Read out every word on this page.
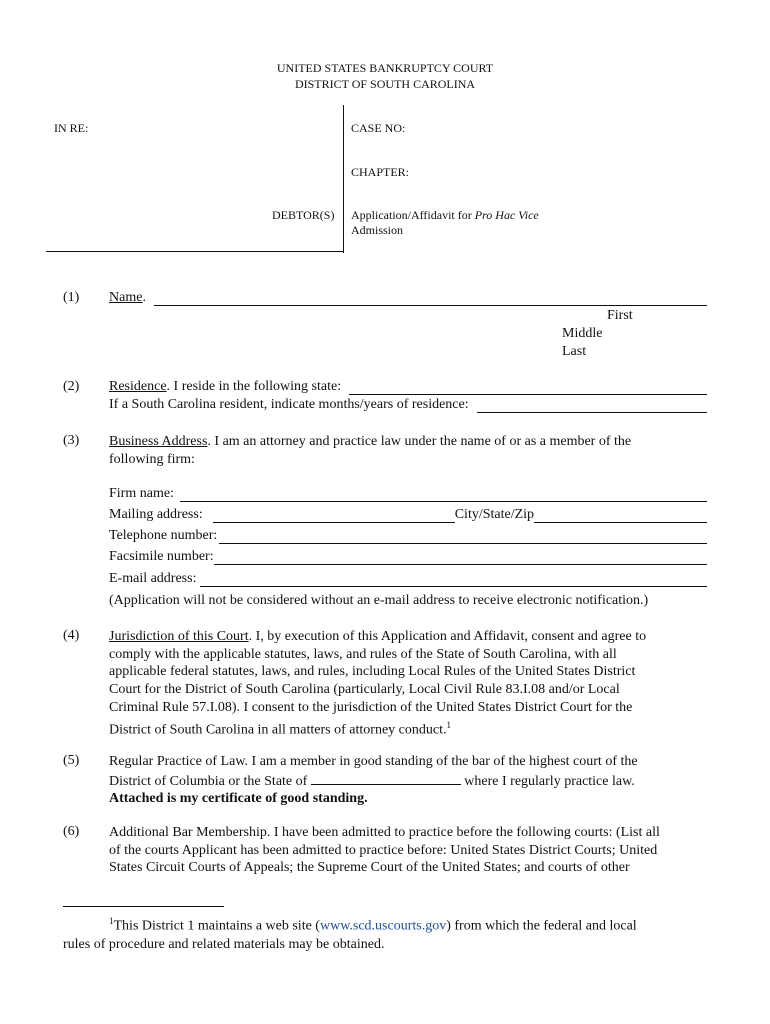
UNITED STATES BANKRUPTCY COURT
DISTRICT OF SOUTH CAROLINA
IN RE:	CASE NO:
CHAPTER:
DEBTOR(S) Application/Affidavit for Pro Hac Vice
Admission
(1) Name .
First
Middle
Last
(2) Residence . I reside in the following state:
If a South Carolina resident, indicate months/years of residence:
(3) Business Address. I am an attorney and practice law under the name of or as a member of the
following firm:
Firm name:
Mailing address:	City/State/Zip
Telephone number:
Facsimile number:
E-mail address:
(Application will not be considered without an e-mail address to receive electronic notification.)
(4) Jurisdiction of this Court. I, by execution of this Application and Affidavit, consent and agree to
comply with the applicable statutes, laws, and rules of the State of South Carolina, with all
applicable federal statutes, laws, and rules, including Local Rules of the United States District
Court for the District of South Carolina (particularly, Local Civil Rule 83.I.08 and/or Local
Criminal Rule 57.I.08). I consent to the jurisdiction of the United States District Court for the
District of South Carolina in all matters of attorney conduct.$^1$
(5) Regular Practice of Law. I am a member in good standing of the bar of the highest court of the
District of Columbia or the State of	where I regularly practice law.
Attached is my certificate of good standing.
(6) Additional Bar Membership. I have been admitted to practice before the following courts: (List all
of the courts Applicant has been admitted to practice before: United States District Courts; United
States Circuit Courts of Appeals; the Supreme Court of the United States; and courts of other
$^1$This District 1 maintains a web site (www.scd.uscourts.gov) from which the federal and local
rules of procedure and related materials may be obtained.
